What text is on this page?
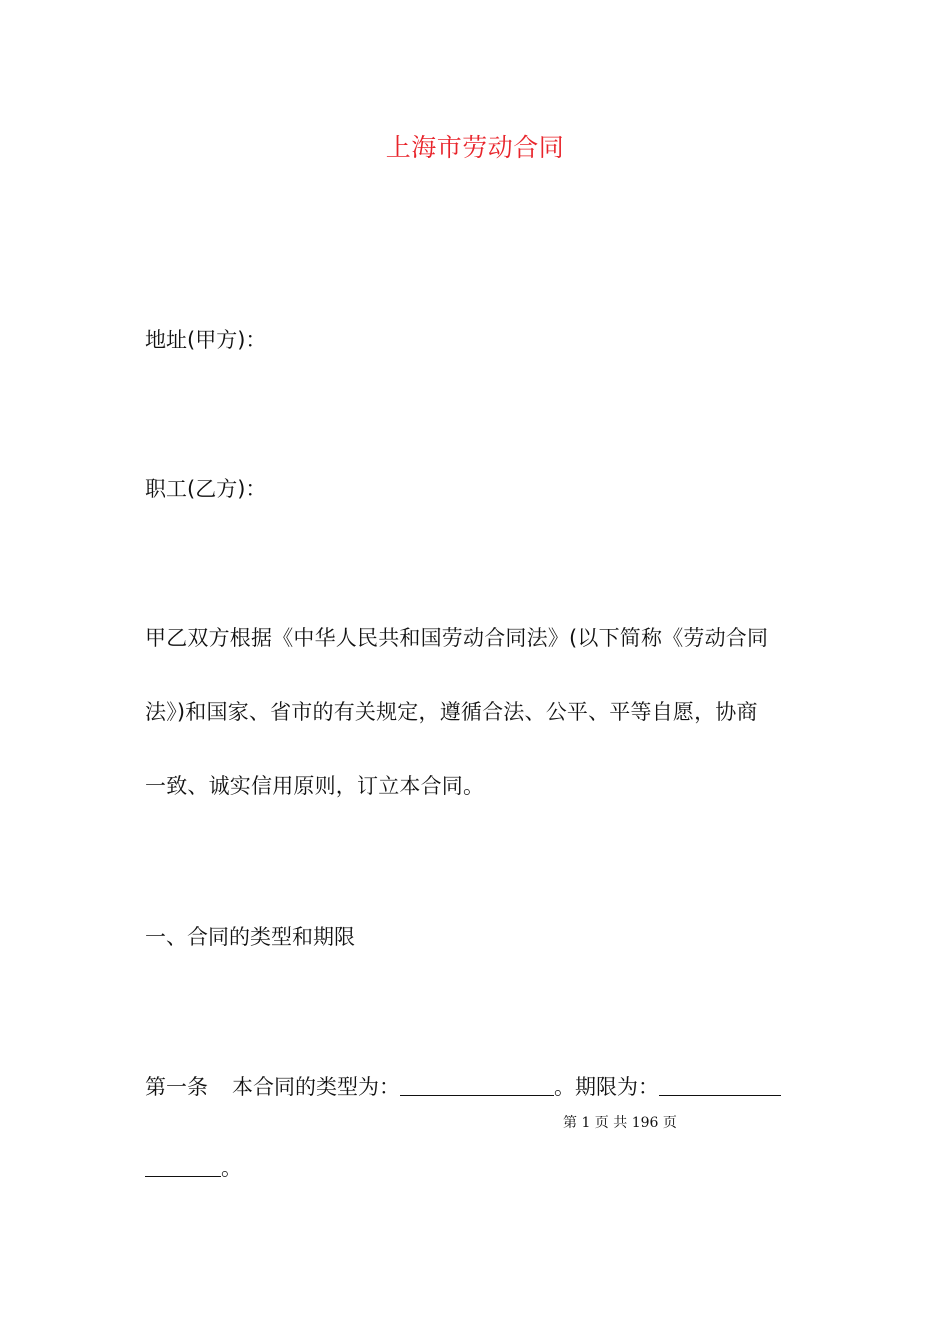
上海市劳动合同
地址(甲方)：
职工(乙方)：
甲乙双方根据《中华人民共和国劳动合同法》(以下简称《劳动合同
法》)和国家、省市的有关规定，遵循合法、公平、平等自愿，协商
一致、诚实信用原则，订立本合同。
一、合同的类型和期限
第一条 本合同的类型为：	。期限为：
第 1 页 共 196 页
。
